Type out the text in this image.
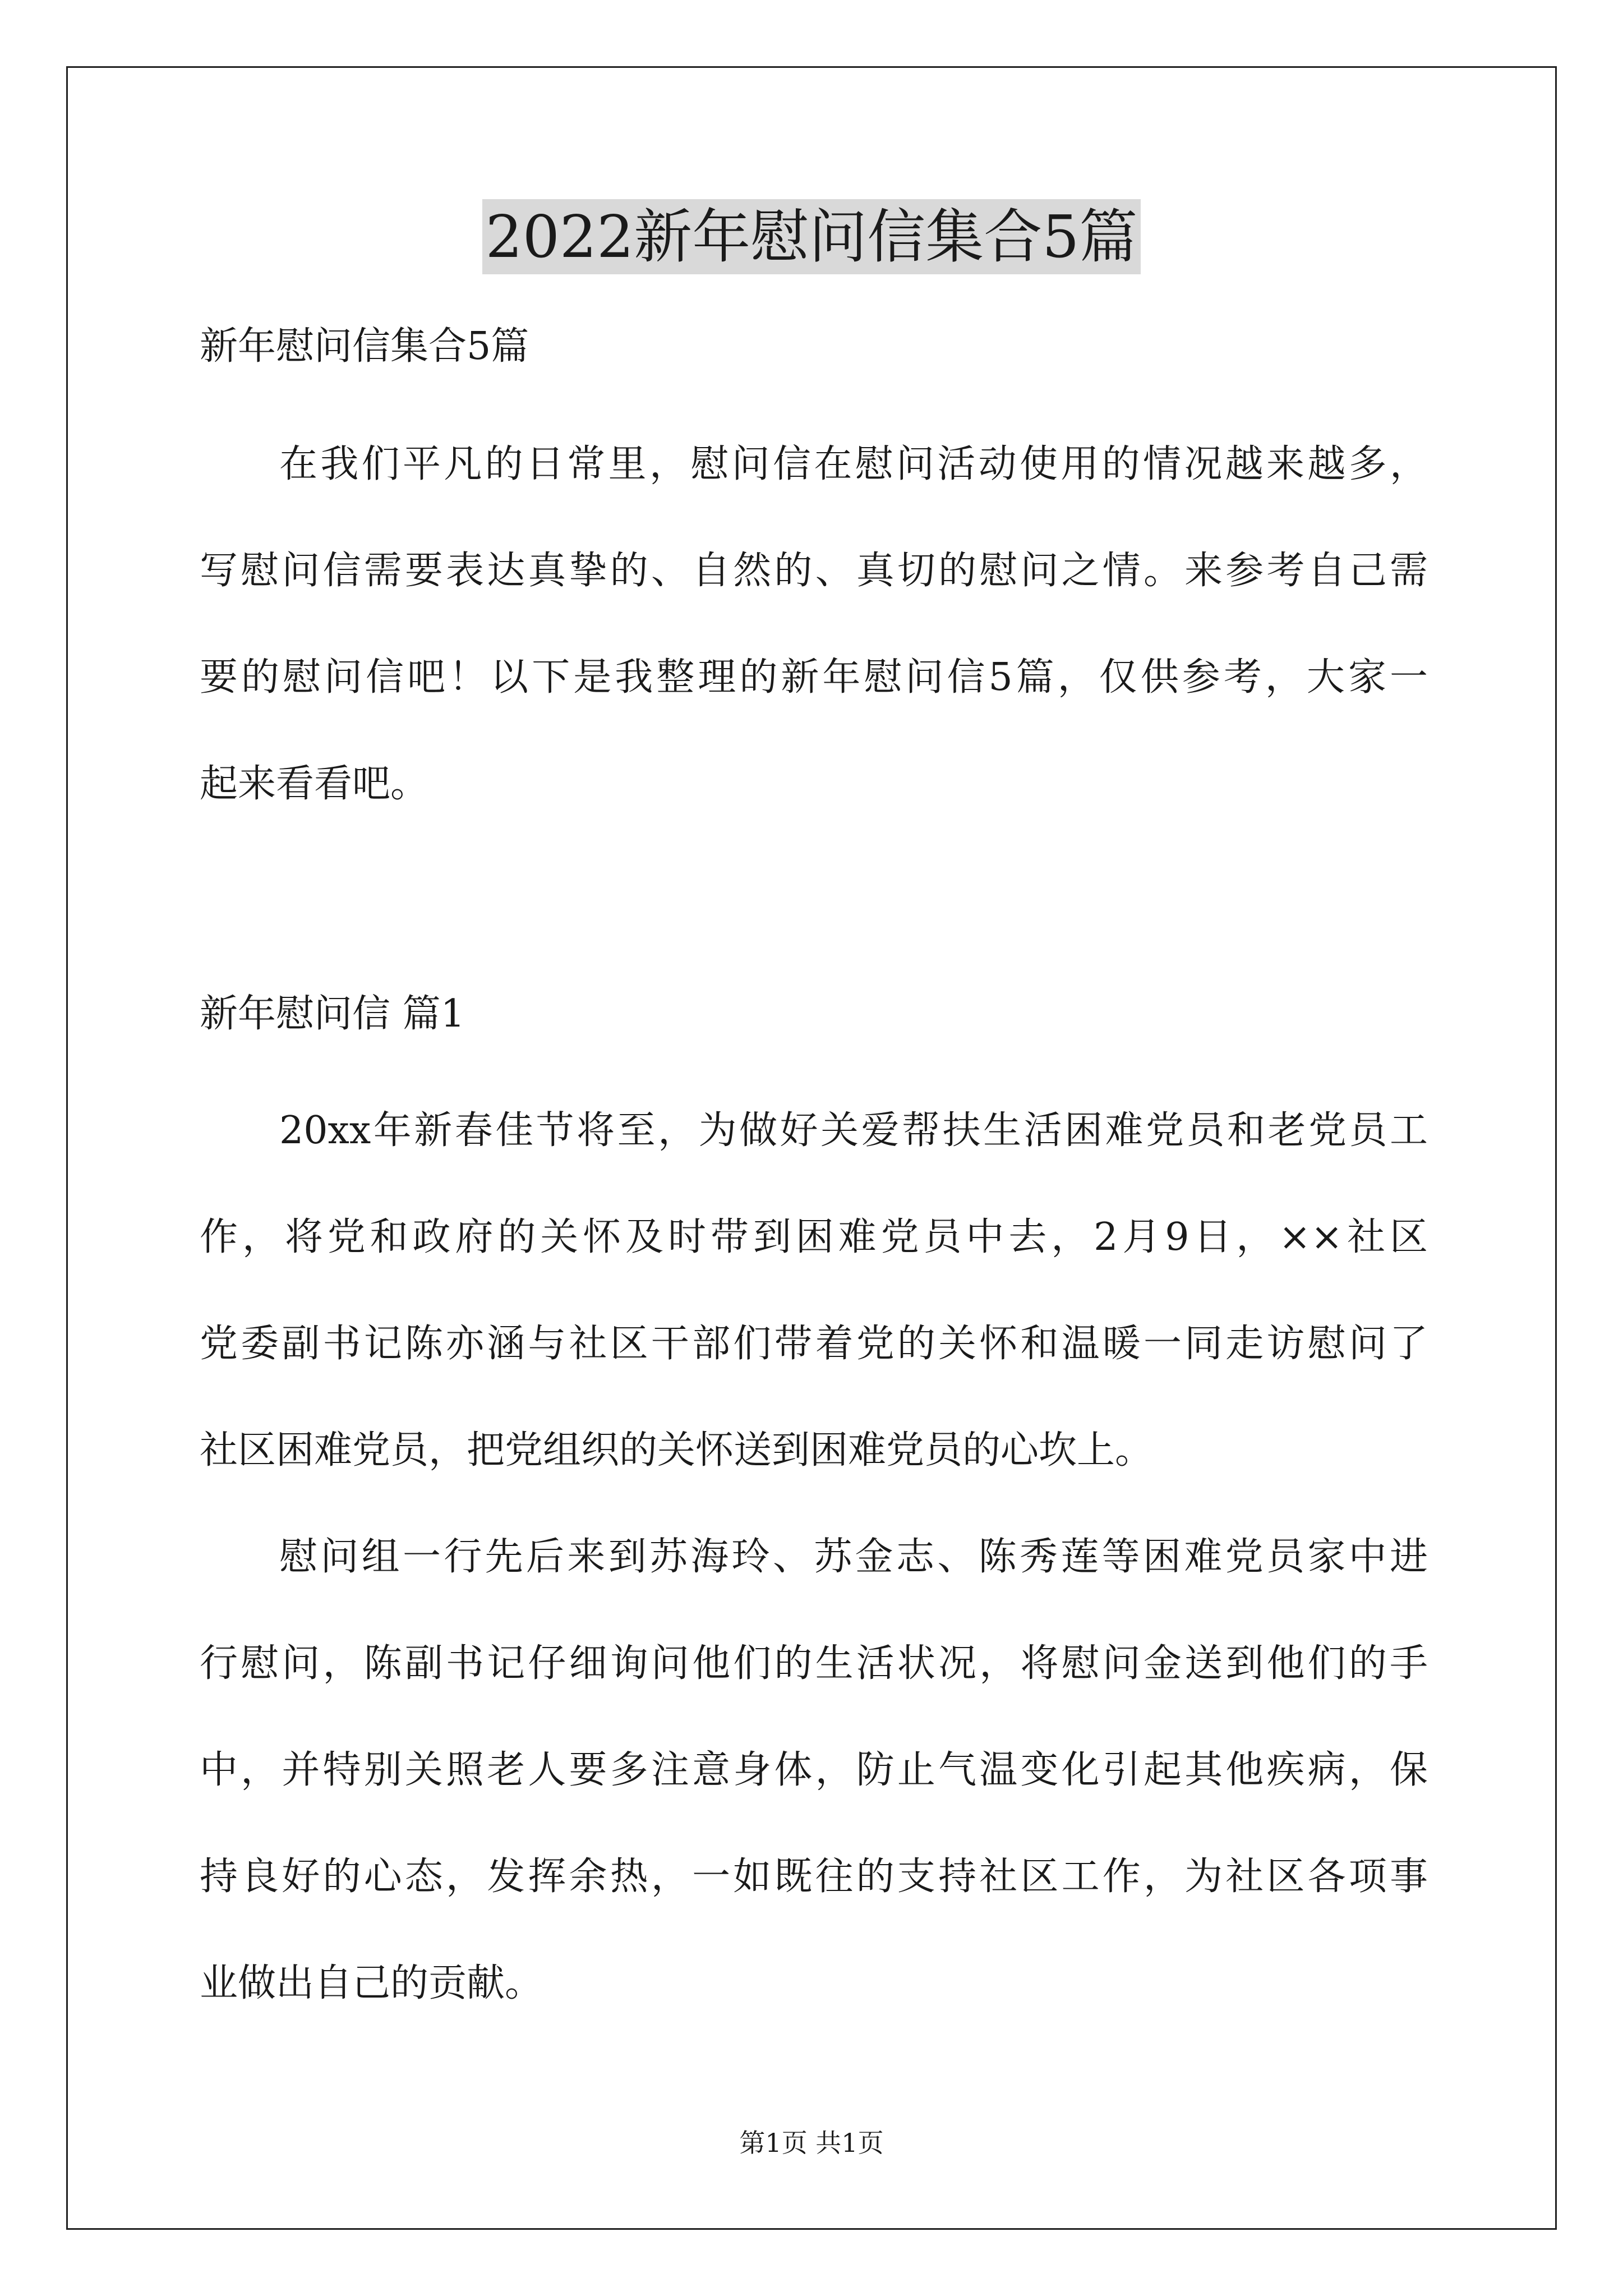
2022新年慰问信集合5篇

新年慰问信集合5篇

在我们平凡的日常里，慰问信在慰问活动使用的情况越来越多，

写慰问信需要表达真挚的、自然的、真切的慰问之情。来参考自己需

要的慰问信吧！以下是我整理的新年慰问信5篇，仅供参考，大家一

起来看看吧。

新年慰问信 篇1

20xx年新春佳节将至，为做好关爱帮扶生活困难党员和老党员工

作，将党和政府的关怀及时带到困难党员中去，2月9日，××社区

党委副书记陈亦涵与社区干部们带着党的关怀和温暖一同走访慰问了

社区困难党员，把党组织的关怀送到困难党员的心坎上。

慰问组一行先后来到苏海玲、苏金志、陈秀莲等困难党员家中进

行慰问，陈副书记仔细询问他们的生活状况，将慰问金送到他们的手

中，并特别关照老人要多注意身体，防止气温变化引起其他疾病，保

持良好的心态，发挥余热，一如既往的支持社区工作，为社区各项事

业做出自己的贡献。

第1页 共1页
